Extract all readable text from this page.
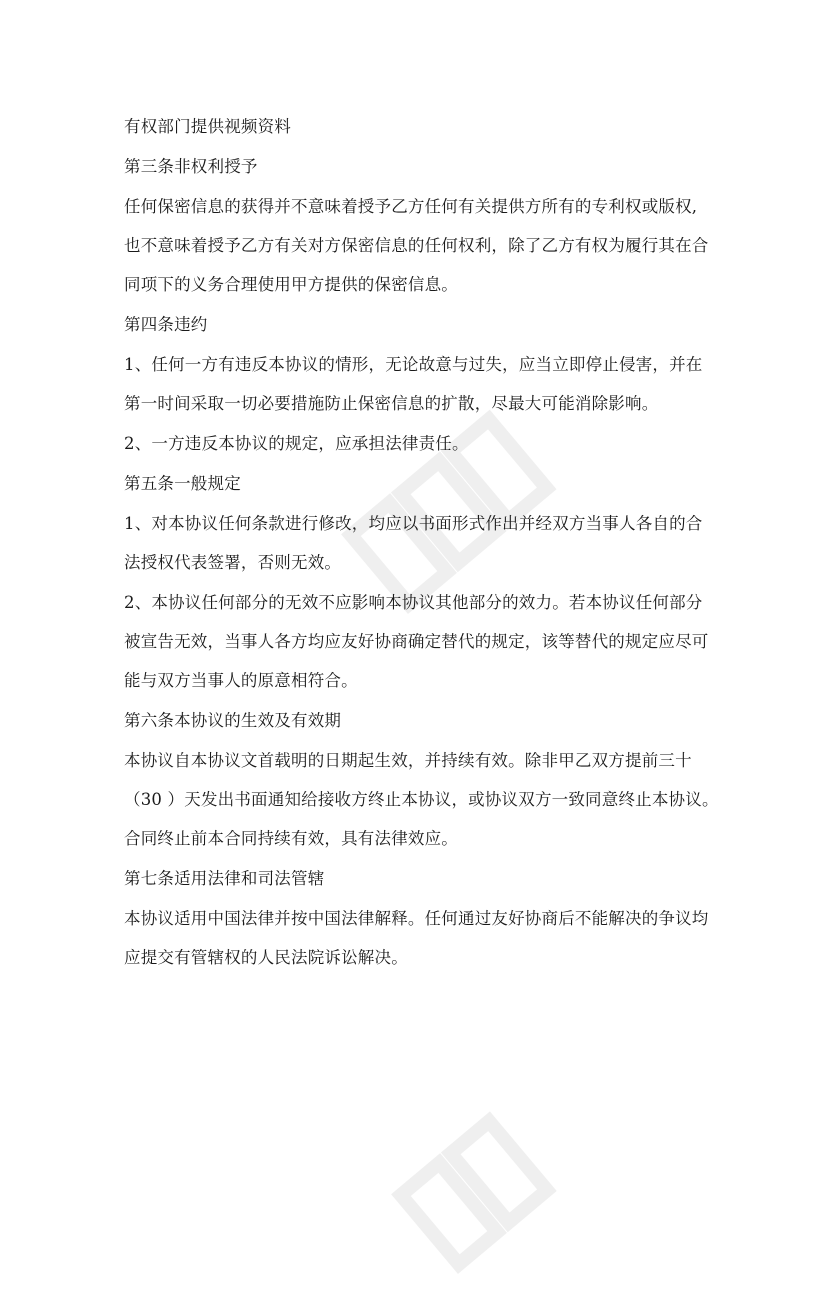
有权部门提供视频资料
第三条非权利授予
任何保密信息的获得并不意味着授予乙方任何有关提供方所有的专利权或版权,
也不意味着授予乙方有关对方保密信息的任何权利，除了乙方有权为履行其在合
同项下的义务合理使用甲方提供的保密信息。
第四条违约
1、任何一方有违反本协议的情形，无论故意与过失，应当立即停止侵害，并在
第一时间采取一切必要措施防止保密信息的扩散，尽最大可能消除影响。
2、一方违反本协议的规定，应承担法律责任。
第五条一般规定
1、对本协议任何条款进行修改，均应以书面形式作出并经双方当事人各自的合
法授权代表签署，否则无效。
2、本协议任何部分的无效不应影响本协议其他部分的效力。若本协议任何部分
被宣告无效，当事人各方均应友好协商确定替代的规定，该等替代的规定应尽可
能与双方当事人的原意相符合。
第六条本协议的生效及有效期
本协议自本协议文首载明的日期起生效，并持续有效。除非甲乙双方提前三十
（30 ）天发出书面通知给接收方终止本协议，或协议双方一致同意终止本协议。
合同终止前本合同持续有效，具有法律效应。
第七条适用法律和司法管辖
本协议适用中国法律并按中国法律解释。任何通过友好协商后不能解决的争议均
应提交有管辖权的人民法院诉讼解决。
